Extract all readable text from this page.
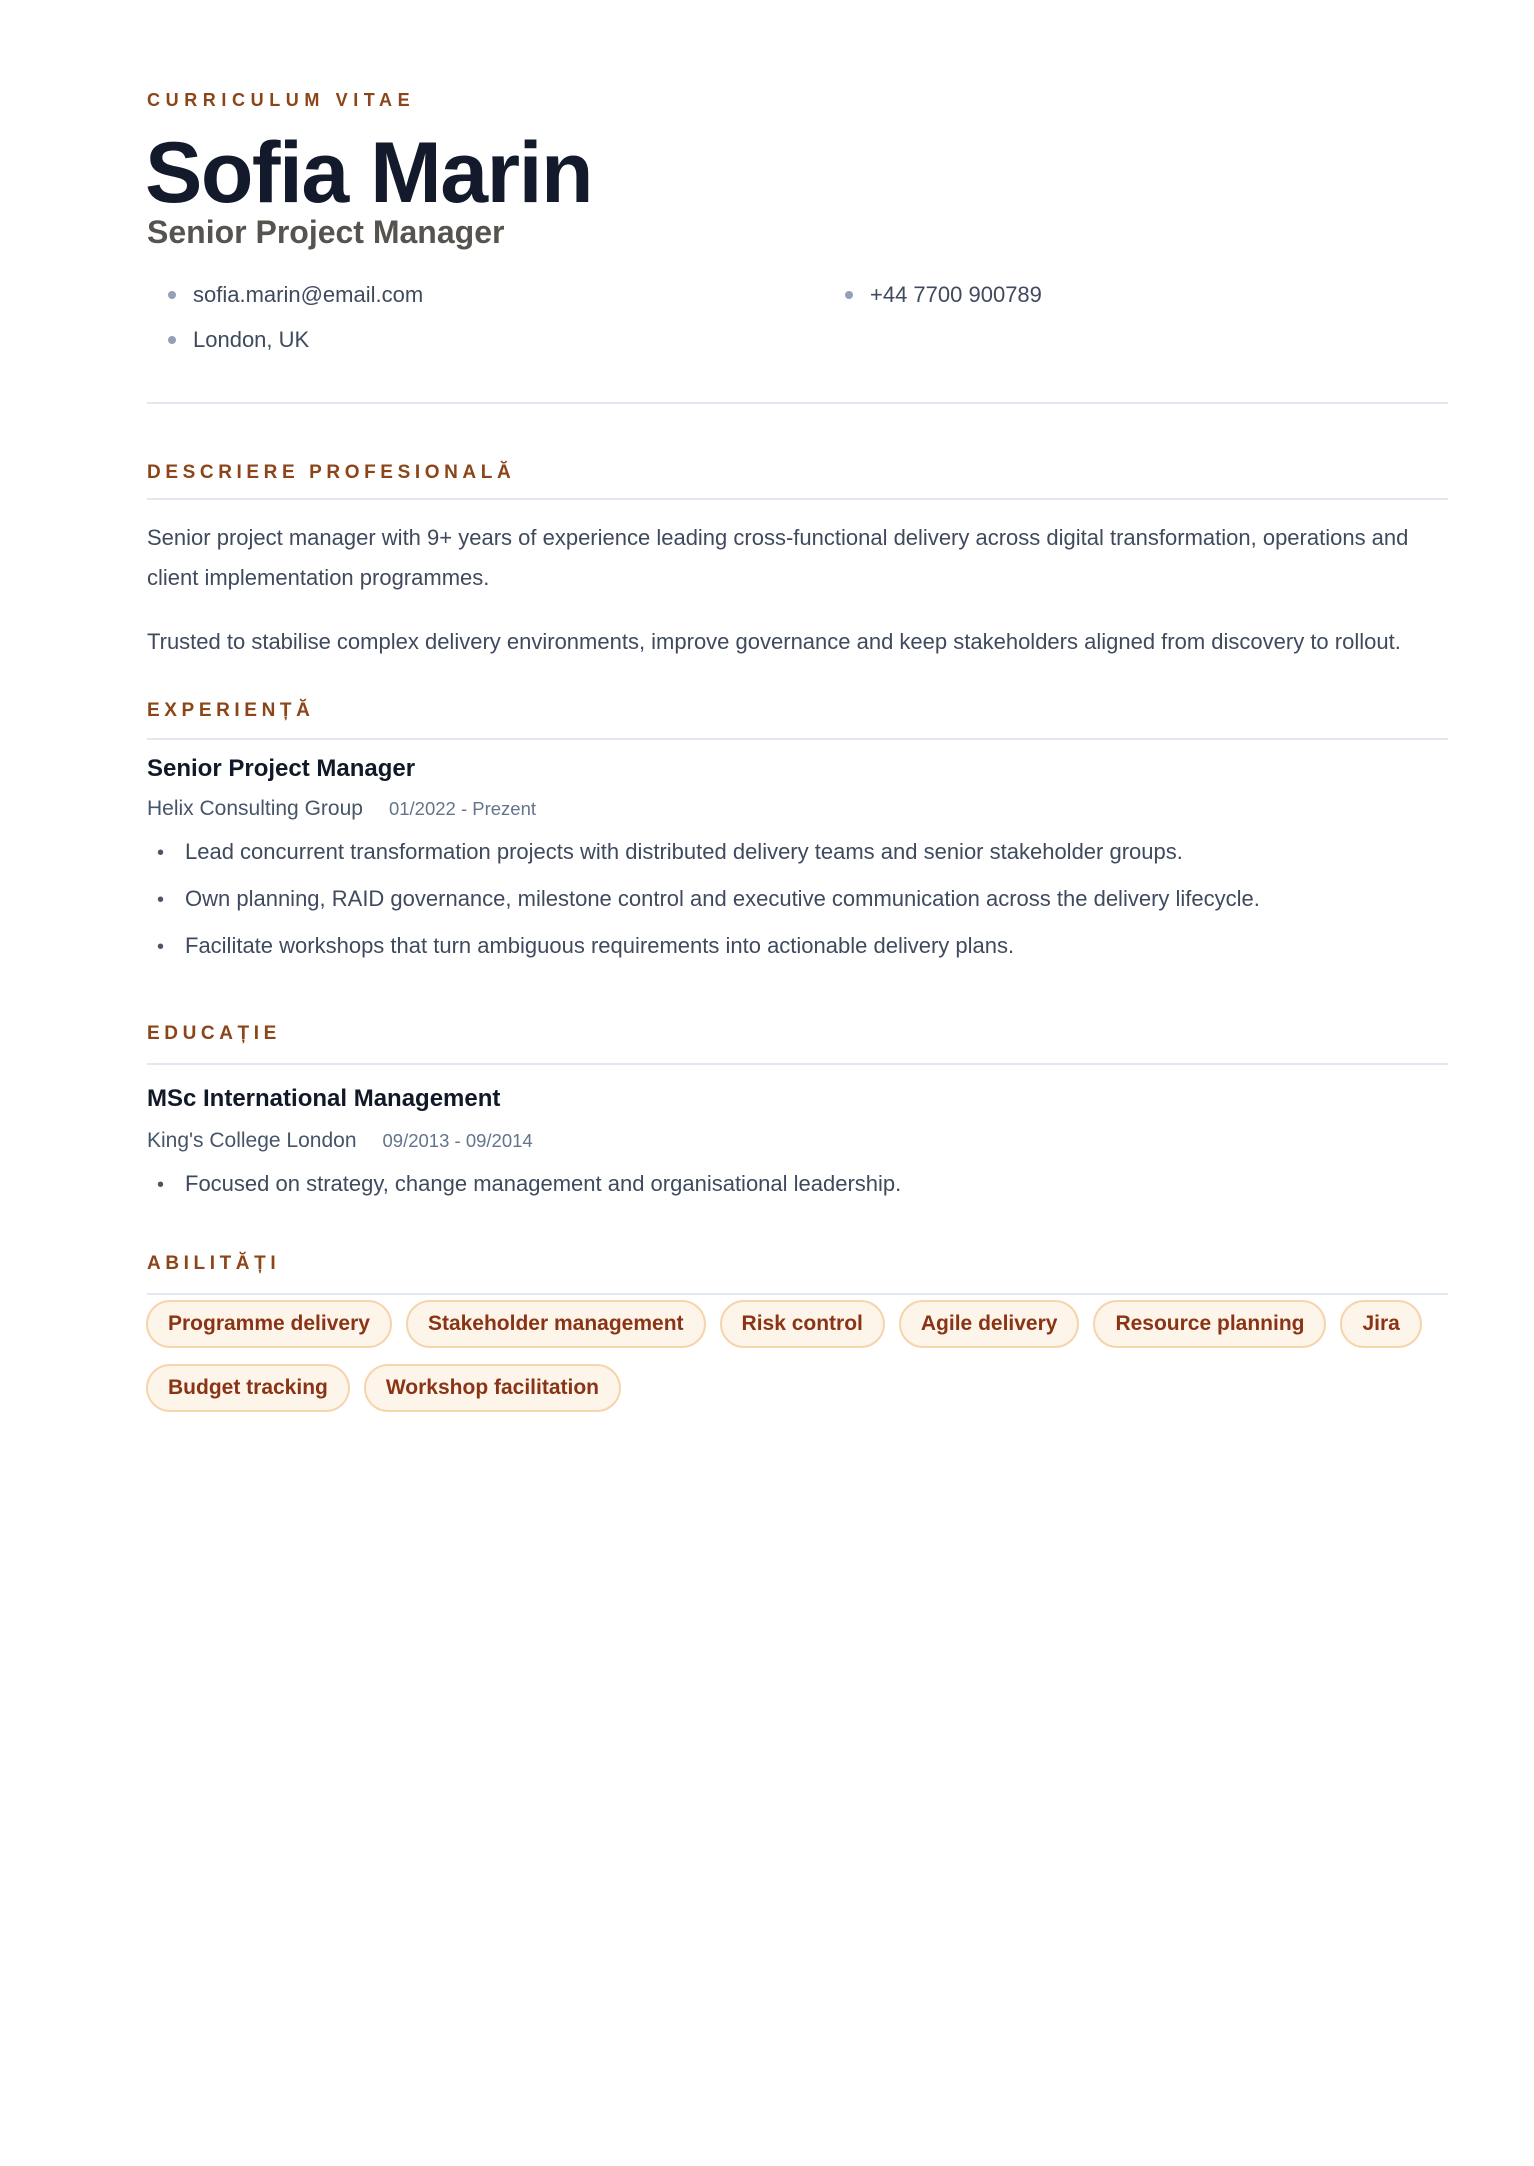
CURRICULUM VITAE
Sofia Marin
Senior Project Manager
sofia.marin@email.com	+44 7700 900789
London, UK
DESCRIERE PROFESIONALĂ
Senior project manager with 9+ years of experience leading cross-functional delivery across digital transformation, operations and client implementation programmes.
Trusted to stabilise complex delivery environments, improve governance and keep stakeholders aligned from discovery to rollout.
EXPERIENȚĂ
Senior Project Manager
Helix Consulting Group 01/2022 - Prezent
• Lead concurrent transformation projects with distributed delivery teams and senior stakeholder groups.
• Own planning, RAID governance, milestone control and executive communication across the delivery lifecycle.
• Facilitate workshops that turn ambiguous requirements into actionable delivery plans.
EDUCAȚIE
MSc International Management
King's College London 09/2013 - 09/2014
• Focused on strategy, change management and organisational leadership.
ABILITĂȚI
Programme delivery	Stakeholder management	Risk control	Agile delivery	Resource planning	Jira
Budget tracking	Workshop facilitation
